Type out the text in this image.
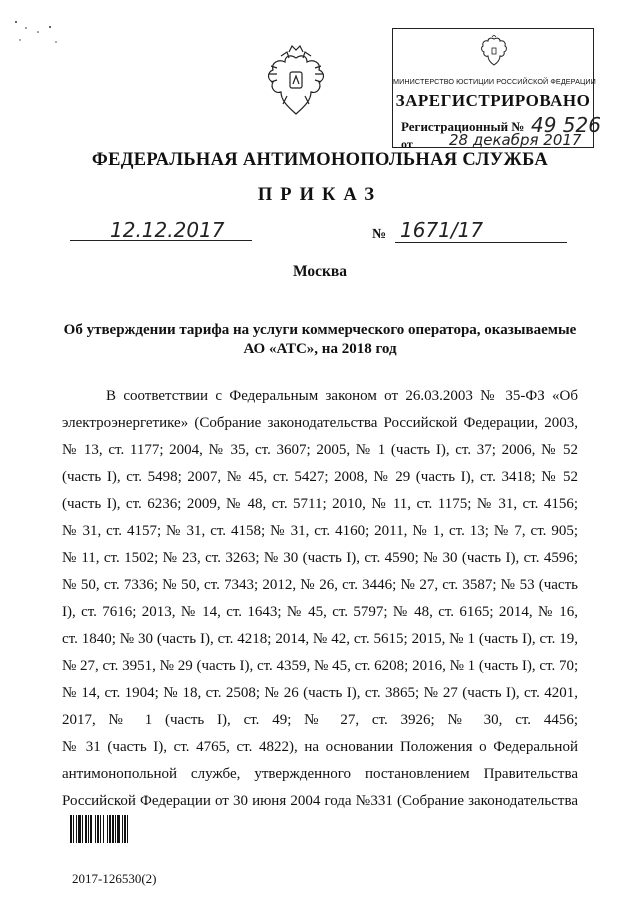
МИНИСТЕРСТВО ЮСТИЦИИ РОССИЙСКОЙ ФЕДЕРАЦИИ
ЗАРЕГИСТРИРОВАНО
Регистрационный № 49 526
от 28 декабря 2017
ФЕДЕРАЛЬНАЯ АНТИМОНОПОЛЬНАЯ СЛУЖБА
ПРИКАЗ
12.12.2017	№ 1671/17
Москва
Об утверждении тарифа на услуги коммерческого оператора, оказываемые
АО «АТС», на 2018 год
В соответствии с Федеральным законом от 26.03.2003 № 35-ФЗ «Об
электроэнергетике» (Собрание законодательства Российской Федерации, 2003,
№ 13, ст. 1177; 2004, № 35, ст. 3607; 2005, № 1 (часть I), ст. 37; 2006, № 52
(часть I), ст. 5498; 2007, № 45, ст. 5427; 2008, № 29 (часть I), ст. 3418; № 52
(часть I), ст. 6236; 2009, № 48, ст. 5711; 2010, № 11, ст. 1175; № 31, ст. 4156;
№ 31, ст. 4157; № 31, ст. 4158; № 31, ст. 4160; 2011, № 1, ст. 13; № 7, ст. 905;
№ 11, ст. 1502; № 23, ст. 3263; № 30 (часть I), ст. 4590; № 30 (часть I), ст. 4596;
№ 50, ст. 7336; № 50, ст. 7343; 2012, № 26, ст. 3446; № 27, ст. 3587; № 53 (часть
I), ст. 7616; 2013, № 14, ст. 1643; № 45, ст. 5797; № 48, ст. 6165; 2014, № 16,
ст. 1840; № 30 (часть I), ст. 4218; 2014, № 42, ст. 5615; 2015, № 1 (часть I), ст. 19,
№ 27, ст. 3951, № 29 (часть I), ст. 4359, № 45, ст. 6208; 2016, № 1 (часть I), ст. 70;
№ 14, ст. 1904; № 18, ст. 2508; № 26 (часть I), ст. 3865; № 27 (часть I), ст. 4201,
2017, № 1 (часть I), ст. 49; № 27, ст. 3926; № 30, ст. 4456;
№ 31 (часть I), ст. 4765, ст. 4822), на основании Положения о Федеральной
антимонопольной службе, утвержденного постановлением Правительства
Российской Федерации от 30 июня 2004 года №331 (Собрание законодательства
2017-126530(2)
